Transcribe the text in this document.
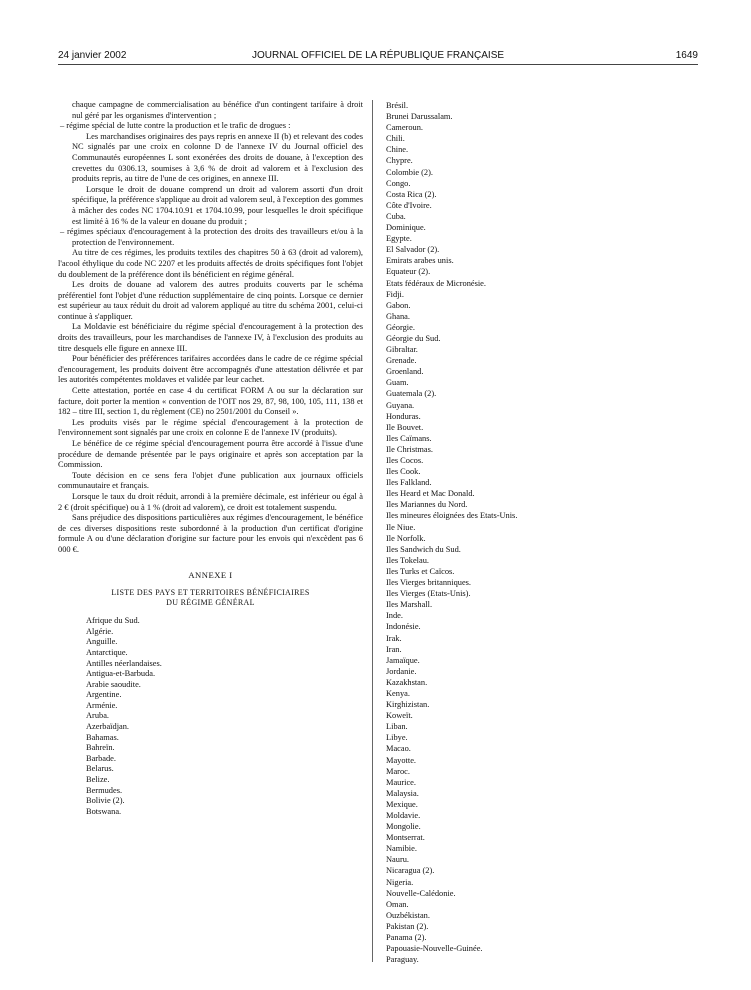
24 janvier 2002	JOURNAL OFFICIEL DE LA RÉPUBLIQUE FRANÇAISE	1649

chaque campagne de commercialisation au bénéfice d'un contingent tarifaire à droit nul géré par les organismes d'intervention ;

– régime spécial de lutte contre la production et le trafic de drogues :

Les marchandises originaires des pays repris en annexe II (b) et relevant des codes NC signalés par une croix en colonne D de l'annexe IV du Journal officiel des Communautés européennes L sont exonérées des droits de douane, à l'exception des crevettes du 0306.13, soumises à 3,6 % de droit ad valorem et à l'exclusion des produits repris, au titre de l'une de ces origines, en annexe III.

Lorsque le droit de douane comprend un droit ad valorem assorti d'un droit spécifique, la préférence s'applique au droit ad valorem seul, à l'exception des gommes à mâcher des codes NC 1704.10.91 et 1704.10.99, pour lesquelles le droit spécifique est limité à 16 % de la valeur en douane du produit ;

– régimes spéciaux d'encouragement à la protection des droits des travailleurs et/ou à la protection de l'environnement.

Au titre de ces régimes, les produits textiles des chapitres 50 à 63 (droit ad valorem), l'acool éthylique du code NC 2207 et les produits affectés de droits spécifiques font l'objet du doublement de la préférence dont ils bénéficient en régime général.

Les droits de douane ad valorem des autres produits couverts par le schéma préférentiel font l'objet d'une réduction supplémentaire de cinq points. Lorsque ce dernier est supérieur au taux réduit du droit ad valorem appliqué au titre du schéma 2001, celui-ci continue à s'appliquer.

La Moldavie est bénéficiaire du régime spécial d'encouragement à la protection des droits des travailleurs, pour les marchandises de l'annexe IV, à l'exclusion des produits au titre desquels elle figure en annexe III.

Pour bénéficier des préférences tarifaires accordées dans le cadre de ce régime spécial d'encouragement, les produits doivent être accompagnés d'une attestation délivrée et par les autorités compétentes moldaves et validée par leur cachet.

Cette attestation, portée en case 4 du certificat FORM A ou sur la déclaration sur facture, doit porter la mention « convention de l'OIT nos 29, 87, 98, 100, 105, 111, 138 et 182 – titre III, section 1, du règlement (CE) no 2501/2001 du Conseil ».

Les produits visés par le régime spécial d'encouragement à la protection de l'environnement sont signalés par une croix en colonne E de l'annexe IV (produits).

Le bénéfice de ce régime spécial d'encouragement pourra être accordé à l'issue d'une procédure de demande présentée par le pays originaire et après son acceptation par la Commission.

Toute décision en ce sens fera l'objet d'une publication aux journaux officiels communautaire et français.

Lorsque le taux du droit réduit, arrondi à la première décimale, est inférieur ou égal à 2 € (droit spécifique) ou à 1 % (droit ad valorem), ce droit est totalement suspendu.

Sans préjudice des dispositions particulières aux régimes d'encouragement, le bénéfice de ces diverses dispositions reste subordonné à la production d'un certificat d'origine formule A ou d'une déclaration d'origine sur facture pour les envois qui n'excèdent pas 6 000 €.

ANNEXE I

LISTE DES PAYS ET TERRITOIRES BÉNÉFICIAIRES
DU RÉGIME GÉNÉRAL

Afrique du Sud.
Algérie.
Anguille.
Antarctique.
Antilles néerlandaises.
Antigua-et-Barbuda.
Arabie saoudite.
Argentine.
Arménie.
Aruba.
Azerbaïdjan.
Bahamas.
Bahreïn.
Barbade.
Belarus.
Belize.
Bermudes.
Bolivie (2).
Botswana.
Brésil.
Brunei Darussalam.
Cameroun.
Chili.
Chine.
Chypre.
Colombie (2).
Congo.
Costa Rica (2).
Côte d'Ivoire.
Cuba.
Dominique.
Egypte.
El Salvador (2).
Emirats arabes unis.
Equateur (2).
Etats fédéraux de Micronésie.
Fidji.
Gabon.
Ghana.
Géorgie.
Géorgie du Sud.
Gibraltar.
Grenade.
Groenland.
Guam.
Guatemala (2).
Guyana.
Honduras.
Ile Bouvet.
Iles Caïmans.
Ile Christmas.
Iles Cocos.
Iles Cook.
Iles Falkland.
Iles Heard et Mac Donald.
Iles Mariannes du Nord.
Iles mineures éloignées des Etats-Unis.
Ile Niue.
Ile Norfolk.
Iles Sandwich du Sud.
Iles Tokelau.
Iles Turks et Caïcos.
Iles Vierges britanniques.
Iles Vierges (Etats-Unis).
Iles Marshall.
Inde.
Indonésie.
Irak.
Iran.
Jamaïque.
Jordanie.
Kazakhstan.
Kenya.
Kirghizistan.
Koweït.
Liban.
Libye.
Macao.
Mayotte.
Maroc.
Maurice.
Malaysia.
Mexique.
Moldavie.
Mongolie.
Montserrat.
Namibie.
Nauru.
Nicaragua (2).
Nigeria.
Nouvelle-Calédonie.
Oman.
Ouzbékistan.
Pakistan (2).
Panama (2).
Papouasie-Nouvelle-Guinée.
Paraguay.
